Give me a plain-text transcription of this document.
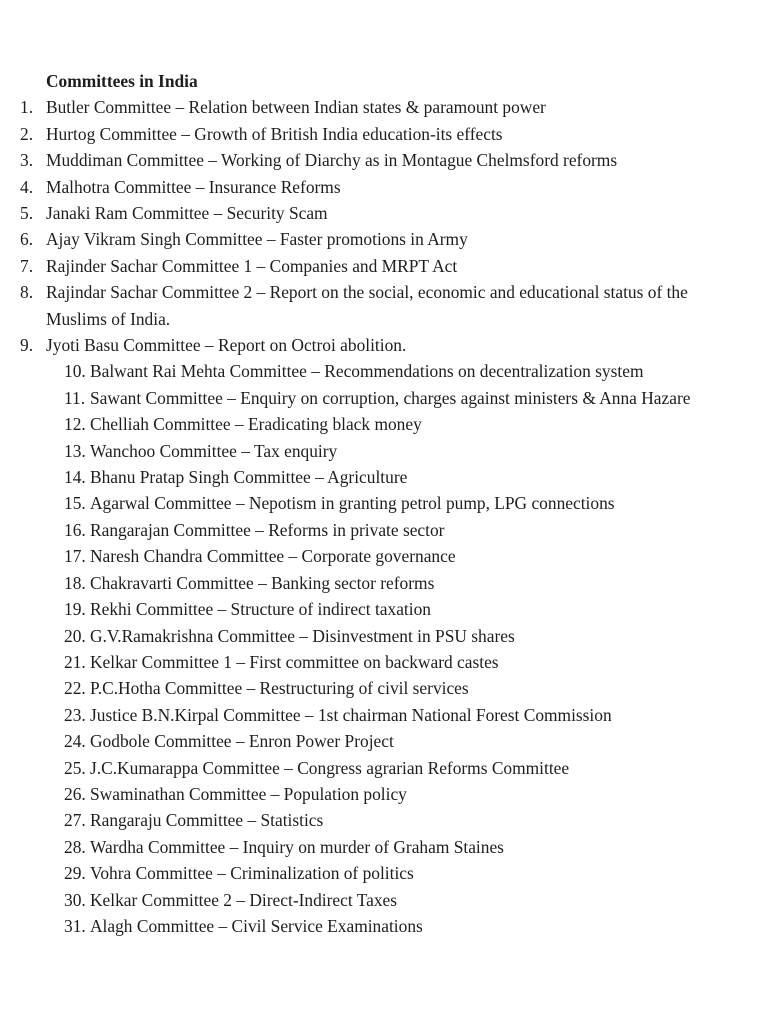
Committees in India
1. Butler Committee – Relation between Indian states & paramount power
2. Hurtog Committee – Growth of British India education-its effects
3. Muddiman Committee – Working of Diarchy as in Montague Chelmsford reforms
4. Malhotra Committee – Insurance Reforms
5. Janaki Ram Committee – Security Scam
6. Ajay Vikram Singh Committee – Faster promotions in Army
7. Rajinder Sachar Committee 1 – Companies and MRPT Act
8. Rajindar Sachar Committee 2 – Report on the social, economic and educational status of the Muslims of India.
9. Jyoti Basu Committee – Report on Octroi abolition.
10. Balwant Rai Mehta Committee – Recommendations on decentralization system
11. Sawant Committee – Enquiry on corruption, charges against ministers & Anna Hazare
12. Chelliah Committee – Eradicating black money
13. Wanchoo Committee – Tax enquiry
14. Bhanu Pratap Singh Committee – Agriculture
15. Agarwal Committee – Nepotism in granting petrol pump, LPG connections
16. Rangarajan Committee – Reforms in private sector
17. Naresh Chandra Committee – Corporate governance
18. Chakravarti Committee – Banking sector reforms
19. Rekhi Committee – Structure of indirect taxation
20. G.V.Ramakrishna Committee – Disinvestment in PSU shares
21. Kelkar Committee 1 – First committee on backward castes
22. P.C.Hotha Committee – Restructuring of civil services
23. Justice B.N.Kirpal Committee – 1st chairman National Forest Commission
24. Godbole Committee – Enron Power Project
25. J.C.Kumarappa Committee – Congress agrarian Reforms Committee
26. Swaminathan Committee – Population policy
27. Rangaraju Committee – Statistics
28. Wardha Committee – Inquiry on murder of Graham Staines
29. Vohra Committee – Criminalization of politics
30. Kelkar Committee 2 – Direct-Indirect Taxes
31. Alagh Committee – Civil Service Examinations
